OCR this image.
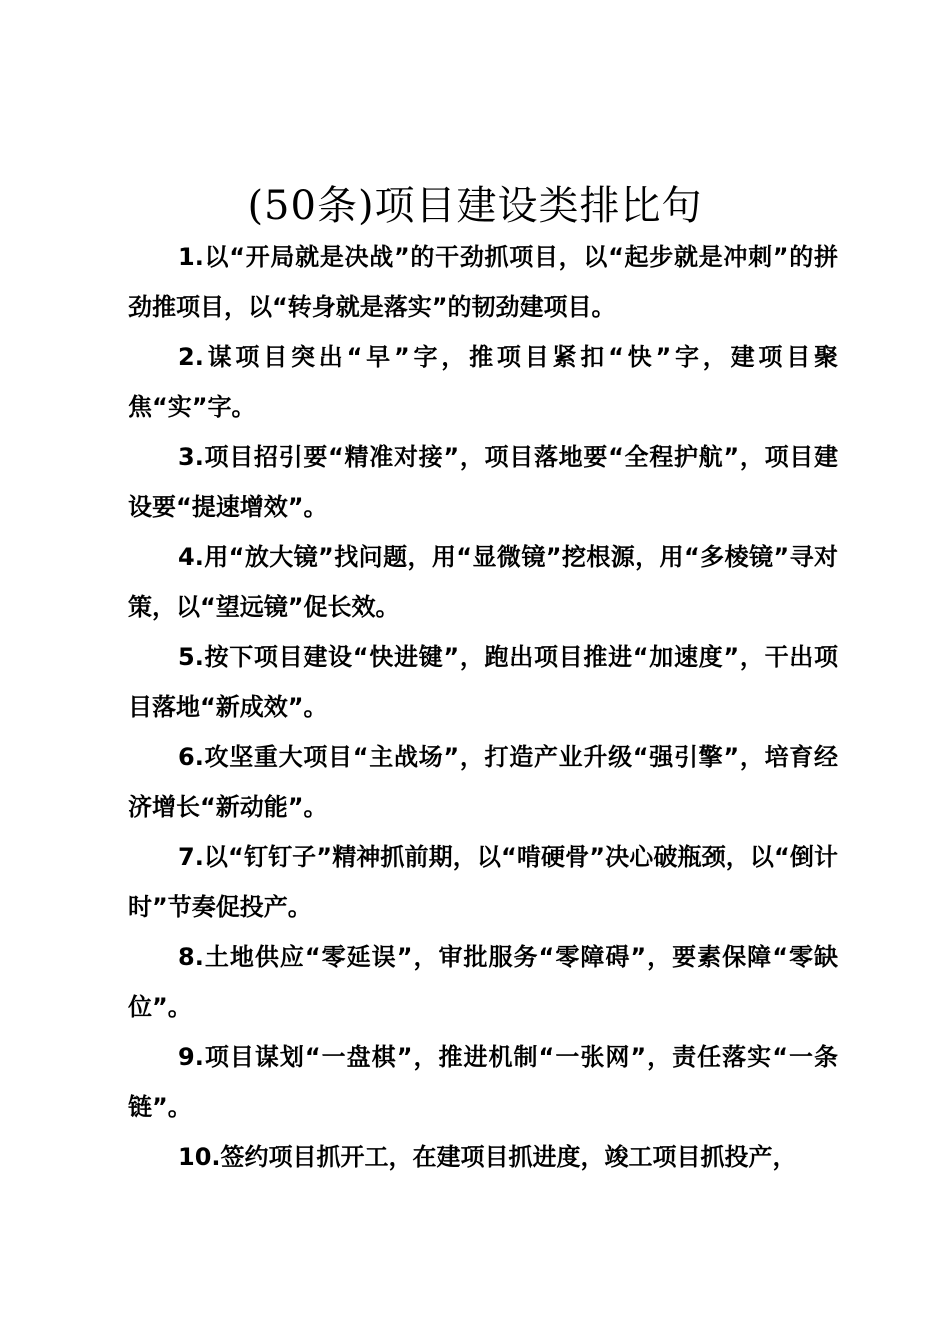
(50条)项目建设类排比句

1.以“开局就是决战”的干劲抓项目，以“起步就是冲刺”的拼劲推项目，以“转身就是落实”的韧劲建项目。

2.谋项目突出“早”字，推项目紧扣“快”字，建项目聚焦“实”字。

3.项目招引要“精准对接”，项目落地要“全程护航”，项目建设要“提速增效”。

4.用“放大镜”找问题，用“显微镜”挖根源，用“多棱镜”寻对策，以“望远镜”促长效。

5.按下项目建设“快进键”，跑出项目推进“加速度”，干出项目落地“新成效”。

6.攻坚重大项目“主战场”，打造产业升级“强引擎”，培育经济增长“新动能”。

7.以“钉钉子”精神抓前期，以“啃硬骨”决心破瓶颈，以“倒计时”节奏促投产。

8.土地供应“零延误”，审批服务“零障碍”，要素保障“零缺位”。

9.项目谋划“一盘棋”，推进机制“一张网”，责任落实“一条链”。

10.签约项目抓开工，在建项目抓进度，竣工项目抓投产，
